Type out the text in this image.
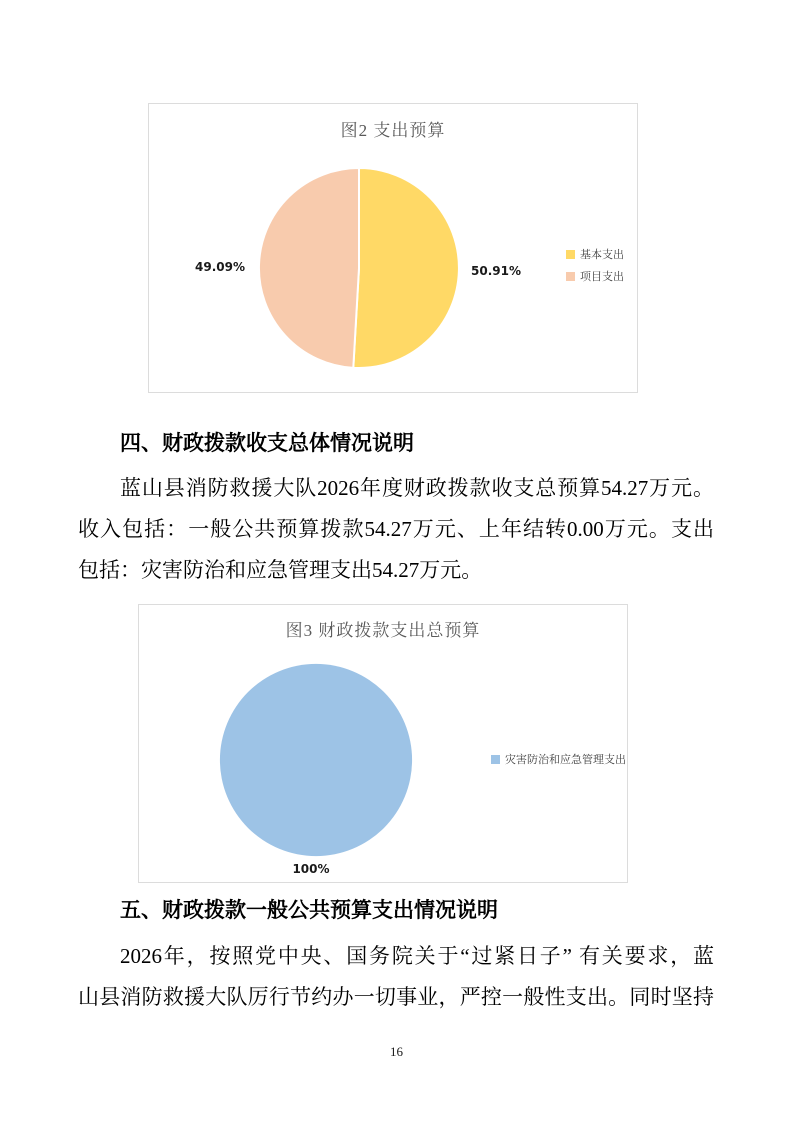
图2 支出预算
49.09%	50.91%
基本支出
项目支出
四、财政拨款收支总体情况说明
蓝山县消防救援大队2026年度财政拨款收支总预算54.27万元。
收入包括：一般公共预算拨款54.27万元、上年结转0.00万元。支出
包括：灾害防治和应急管理支出54.27万元。
图3 财政拨款支出总预算
100%
灾害防治和应急管理支出
五、财政拨款一般公共预算支出情况说明
2026年，按照党中央、国务院关于“过紧日子” 有关要求，蓝
山县消防救援大队厉行节约办一切事业，严控一般性支出。同时坚持
16
